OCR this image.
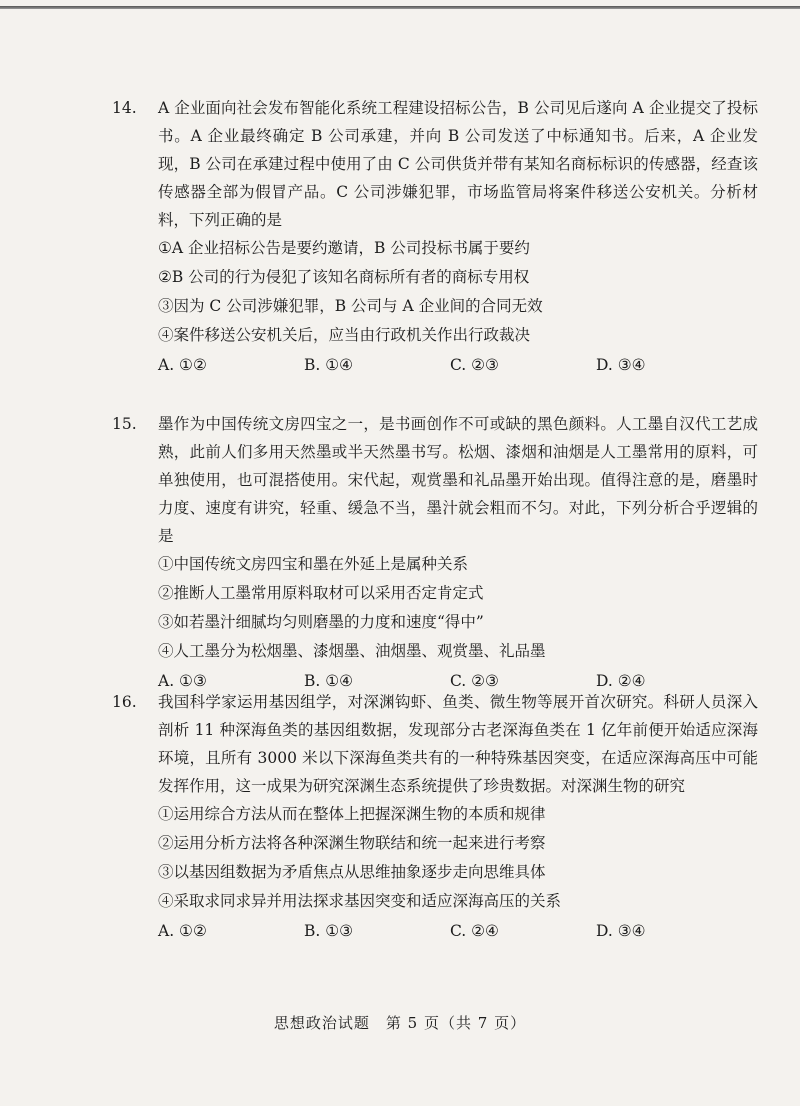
14.	A 企业面向社会发布智能化系统工程建设招标公告，B 公司见后遂向 A 企业提交了投标书。A 企业最终确定 B 公司承建，并向 B 公司发送了中标通知书。后来，A 企业发现，B 公司在承建过程中使用了由 C 公司供货并带有某知名商标标识的传感器，经查该传感器全部为假冒产品。C 公司涉嫌犯罪，市场监管局将案件移送公安机关。分析材料，下列正确的是
①A 企业招标公告是要约邀请，B 公司投标书属于要约
②B 公司的行为侵犯了该知名商标所有者的商标专用权
③因为 C 公司涉嫌犯罪，B 公司与 A 企业间的合同无效
④案件移送公安机关后，应当由行政机关作出行政裁决
A. ①②	B. ①④	C. ②③	D. ③④
15.	墨作为中国传统文房四宝之一，是书画创作不可或缺的黑色颜料。人工墨自汉代工艺成熟，此前人们多用天然墨或半天然墨书写。松烟、漆烟和油烟是人工墨常用的原料，可单独使用，也可混搭使用。宋代起，观赏墨和礼品墨开始出现。值得注意的是，磨墨时力度、速度有讲究，轻重、缓急不当，墨汁就会粗而不匀。对此，下列分析合乎逻辑的是
①中国传统文房四宝和墨在外延上是属种关系
②推断人工墨常用原料取材可以采用否定肯定式
③如若墨汁细腻均匀则磨墨的力度和速度“得中”
④人工墨分为松烟墨、漆烟墨、油烟墨、观赏墨、礼品墨
A. ①③	B. ①④	C. ②③	D. ②④
16.	我国科学家运用基因组学，对深渊钩虾、鱼类、微生物等展开首次研究。科研人员深入剖析 11 种深海鱼类的基因组数据，发现部分古老深海鱼类在 1 亿年前便开始适应深海环境，且所有 3000 米以下深海鱼类共有的一种特殊基因突变，在适应深海高压中可能发挥作用，这一成果为研究深渊生态系统提供了珍贵数据。对深渊生物的研究
①运用综合方法从而在整体上把握深渊生物的本质和规律
②运用分析方法将各种深渊生物联结和统一起来进行考察
③以基因组数据为矛盾焦点从思维抽象逐步走向思维具体
④采取求同求异并用法探求基因突变和适应深海高压的关系
A. ①②	B. ①③	C. ②④	D. ③④
思想政治试题　第 5 页（共 7 页）
